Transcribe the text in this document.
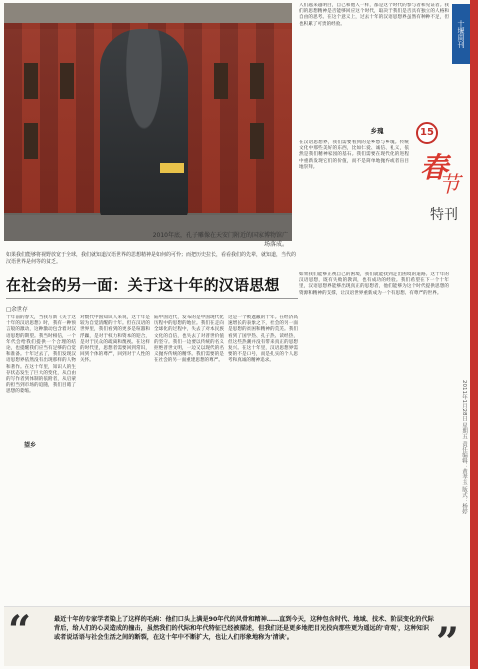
2010年底，孔子雕像在天安门附近的国家博物馆广场落成。
十堰周刊
人们越来越明白，自己和他人一样，都是这个时代的参与者和见证者。我们的思想精神是否能够回应这个时代，取决于我们是否具有独立的人格和自由的思考。在这个意义上，过去十年的汉语思想界虽然有种种不足，但也积累了可贵的经验。
乡瑰
在汉语思想界，我们需要看到的是乡愁与乡瑰。传统文化中那些美好的东西，比如仁爱、诚信、礼义，依然是我们精神家园的基石。我们需要在现代化的进程中重新发现它们的价值，而不是简单地抛弃或者盲目地崇拜。
如果我们能够正视自己的困境，我们就能找到走出困境的道路。这十年的汉语思想，既有失败的教训，也有成功的经验。我们希望在下一个十年里，汉语思想界能够出现真正的思想者，他们能够为这个时代提供思想的资源和精神的支撑，让汉语世界重新成为一个有思想、有尊严的世界。
15
春
节
特刊
2011年1月28日 星期五 责任编辑：黄孝玉 版式：杨婷
如果我们能够将视野放宽于全球，我们就知道汉语世界的思想精神是如何的可怜；而把历史拉长，看看我们的先辈，就知道，当代的汉语世界是何等的贫乏。
在社会的另一面：关于这十年的汉语思想
□余世存
十年前的春天，当我写新《关于这十年的汉语思想》时，我有一种预言般的激动，这种激动包含着对汉语思想的期望。我当时相信，一个年代会给我们提供一个合理的结论，也提醒我们应当有足够的自觉和准备。十年过去了，我们发现汉语思想界依然没有出现那样的人物和著作。在这十年里，知识人的生存状态发生了巨大的变化，从自由的写作者到体制的依附者，从启蒙的担当到市场的追随，我们目睹了思想的萎缩。
望乡
对数代中国知识人来说，这十年是较为自觉清醒的十年。但在汉语的世界里，我们看到的更多是喧嚣和浮躁，是对于权力和资本的迎合，是对于民众的疏离和蔑视。在这样的时代里，思想者需要回到常识，回到个体的尊严，回到对于人性的关怀。
陆中国近代，发布的是中国现代化历程中的思想的地位。我们在走向全球化的过程中，失去了对本民族文化的自信，也失去了对普世价值的坚守。我们一边要以传统的名义拒绝普世文明，一边又以现代的名义抛弃传统的精华。我们需要的是在社会的另一面重建思想的尊严。
这是一个被遮蔽的十年。在经济高速增长的表象之下，社会的另一面是思想的贫困和精神的荒芜。我们看到了国学热、孔子热、读经热，但这些热潮并没有带来真正的思想复兴。在这十年里，汉语思想界需要的不是口号，而是扎实的个人思考和真诚的精神追求。
“	最近十年的专家学者染上了这样的毛病：他们口头上满是90年代的风骨和精神……直到今天，这种包含时代、地域、技术、阶层变化的代际背后，给人们的心灵造成的撞击，虽然我们的代际和年代特征已经被描述，但我们还是更多地把目光投向那些更为遥远的'奇观'，这种知识或者说话语与社会生活之间的断裂，在这十年中不断扩大，也让人们形象地称为'清谈'。	”
